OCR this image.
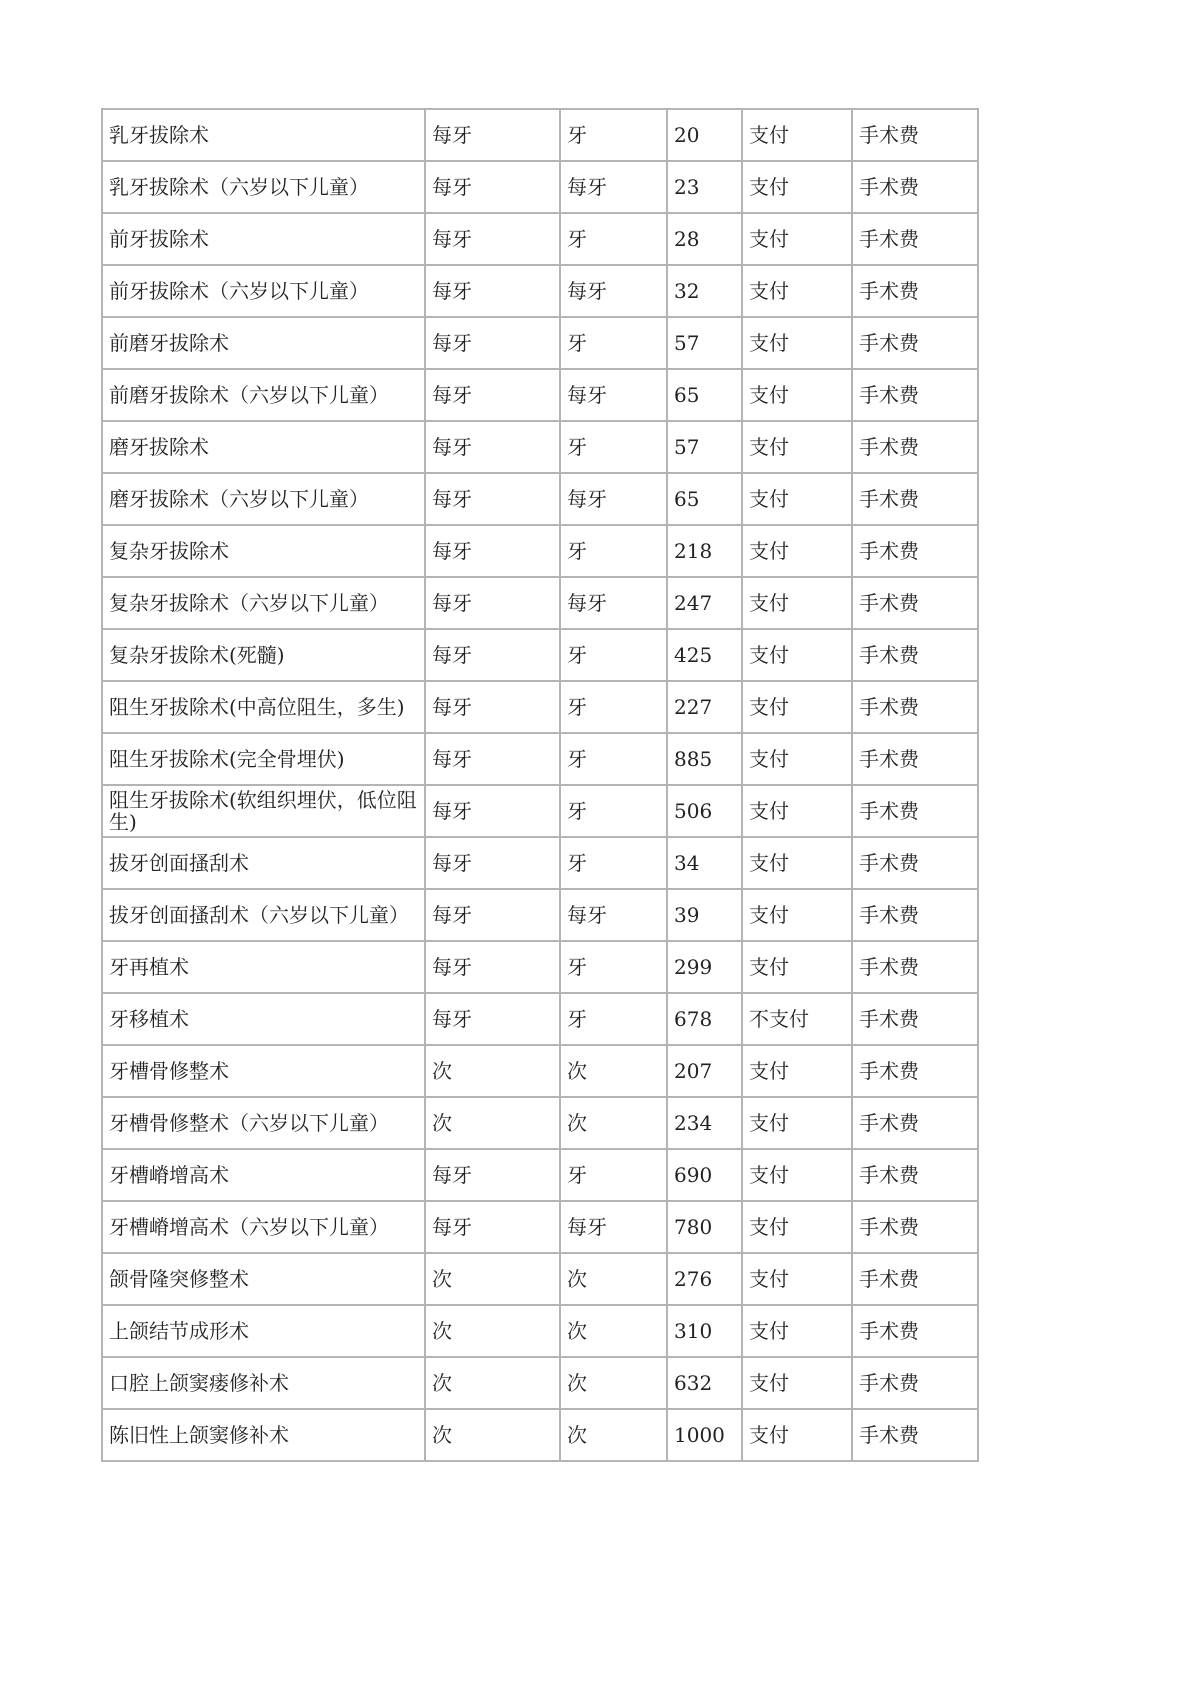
乳牙拔除术	每牙	牙	20	支付	手术费
乳牙拔除术（六岁以下儿童）	每牙	每牙	23	支付	手术费
前牙拔除术	每牙	牙	28	支付	手术费
前牙拔除术（六岁以下儿童）	每牙	每牙	32	支付	手术费
前磨牙拔除术	每牙	牙	57	支付	手术费
前磨牙拔除术（六岁以下儿童）	每牙	每牙	65	支付	手术费
磨牙拔除术	每牙	牙	57	支付	手术费
磨牙拔除术（六岁以下儿童）	每牙	每牙	65	支付	手术费
复杂牙拔除术	每牙	牙	218	支付	手术费
复杂牙拔除术（六岁以下儿童）	每牙	每牙	247	支付	手术费
复杂牙拔除术(死髓)	每牙	牙	425	支付	手术费
阻生牙拔除术(中高位阻生，多生)	每牙	牙	227	支付	手术费
阻生牙拔除术(完全骨埋伏)	每牙	牙	885	支付	手术费
阻生牙拔除术(软组织埋伏，低位阻生)	每牙	牙	506	支付	手术费
拔牙创面搔刮术	每牙	牙	34	支付	手术费
拔牙创面搔刮术（六岁以下儿童）	每牙	每牙	39	支付	手术费
牙再植术	每牙	牙	299	支付	手术费
牙移植术	每牙	牙	678	不支付	手术费
牙槽骨修整术	次	次	207	支付	手术费
牙槽骨修整术（六岁以下儿童）	次	次	234	支付	手术费
牙槽嵴增高术	每牙	牙	690	支付	手术费
牙槽嵴增高术（六岁以下儿童）	每牙	每牙	780	支付	手术费
颌骨隆突修整术	次	次	276	支付	手术费
上颌结节成形术	次	次	310	支付	手术费
口腔上颌窦瘘修补术	次	次	632	支付	手术费
陈旧性上颌窦修补术	次	次	1000	支付	手术费
